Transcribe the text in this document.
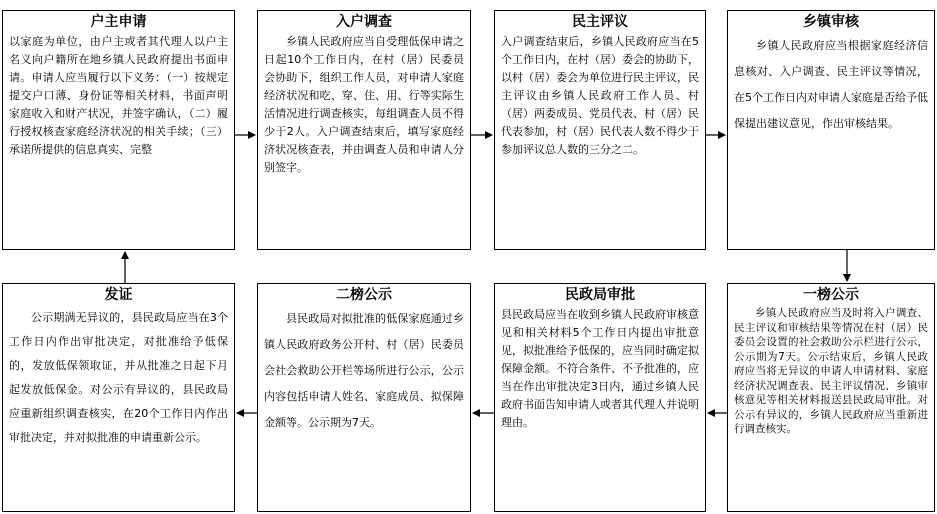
户主申请

以家庭为单位，由户主或者其代理人以户主名义向户籍所在地乡镇人民政府提出书面申请。申请人应当履行以下义务：（一）按规定提交户口薄、身份证等相关材料，书面声明家庭收入和财产状况，并签字确认，（二）履行授权核查家庭经济状况的相关手续；（三）承诺所提供的信息真实、完整

入户调查

乡镇人民政府应当自受理低保申请之日起10个工作日内，在村（居）民委员会协助下，组织工作人员，对申请人家庭经济状况和吃、穿、住、用、行等实际生活情况进行调查核实，每组调查人员不得少于2人。入户调查结束后，填写家庭经济状况核查表，并由调查人员和申请人分别签字。

民主评议

入户调查结束后，乡镇人民政府应当在5个工作日内，在村（居）委会的协助下，以村（居）委会为单位进行民主评议，民主评议由乡镇人民政府工作人员、村（居）两委成员、党员代表、村（居）民代表参加，村（居）民代表人数不得少于参加评议总人数的三分之二。

乡镇审核

乡镇人民政府应当根据家庭经济信息核对、入户调查、民主评议等情况，在5个工作日内对申请人家庭是否给予低保提出建议意见，作出审核结果。

一榜公示

乡镇人民政府应当及时将入户调查、民主评议和审核结果等情况在村（居）民委员会设置的社会救助公示栏进行公示，公示期为7天。公示结束后，乡镇人民政府应当将无异议的申请人申请材料、家庭经济状况调查表、民主评议情况、乡镇审核意见等相关材料报送县民政局审批。对公示有异议的，乡镇人民政府应当重新进行调查核实。

民政局审批

县民政局应当在收到乡镇人民政府审核意见和相关材料5个工作日内提出审批意见，拟批准给予低保的，应当同时确定拟保障金额。不符合条件、不予批准的，应当在作出审批决定3日内，通过乡镇人民政府书面告知申请人或者其代理人并说明理由。

二榜公示

县民政局对拟批准的低保家庭通过乡镇人民政府政务公开村、村（居）民委员会社会救助公开栏等场所进行公示，公示内容包括申请人姓名、家庭成员、拟保障金额等。公示期为7天。

发证

公示期满无异议的，县民政局应当在3个工作日内作出审批决定，对批准给予低保的，发放低保领取证，并从批准之日起下月起发放低保金。对公示有异议的，县民政局应重新组织调查核实，在20个工作日内作出审批决定，并对拟批准的申请重新公示。
